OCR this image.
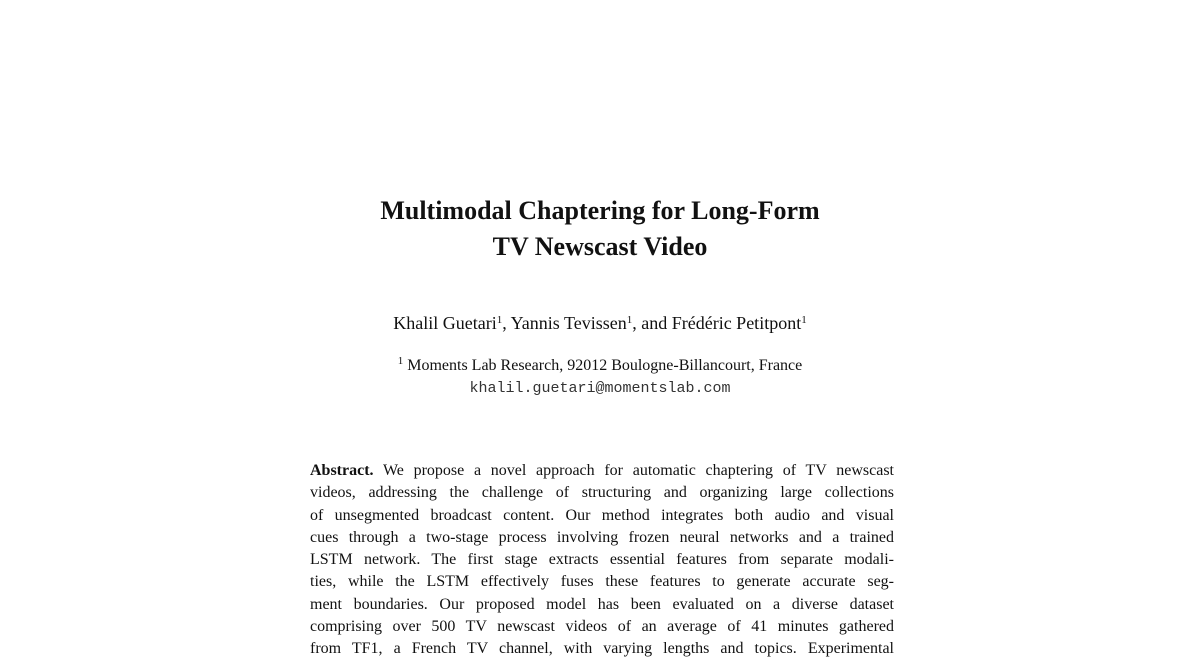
Multimodal Chaptering for Long-Form
TV Newscast Video
Khalil Guetari$^1$, Yannis Tevissen$^1$, and Frédéric Petitpont$^1$
$^1$ Moments Lab Research, 92012 Boulogne-Billancourt, France
khalil.guetari@momentslab.com
Abstract. We propose a novel approach for automatic chaptering of TV newscast
videos, addressing the challenge of structuring and organizing large collections
of unsegmented broadcast content. Our method integrates both audio and visual
cues through a two-stage process involving frozen neural networks and a trained
LSTM network. The first stage extracts essential features from separate modali-
ties, while the LSTM effectively fuses these features to generate accurate seg-
ment boundaries. Our proposed model has been evaluated on a diverse dataset
comprising over 500 TV newscast videos of an average of 41 minutes gathered
from TF1, a French TV channel, with varying lengths and topics. Experimental
